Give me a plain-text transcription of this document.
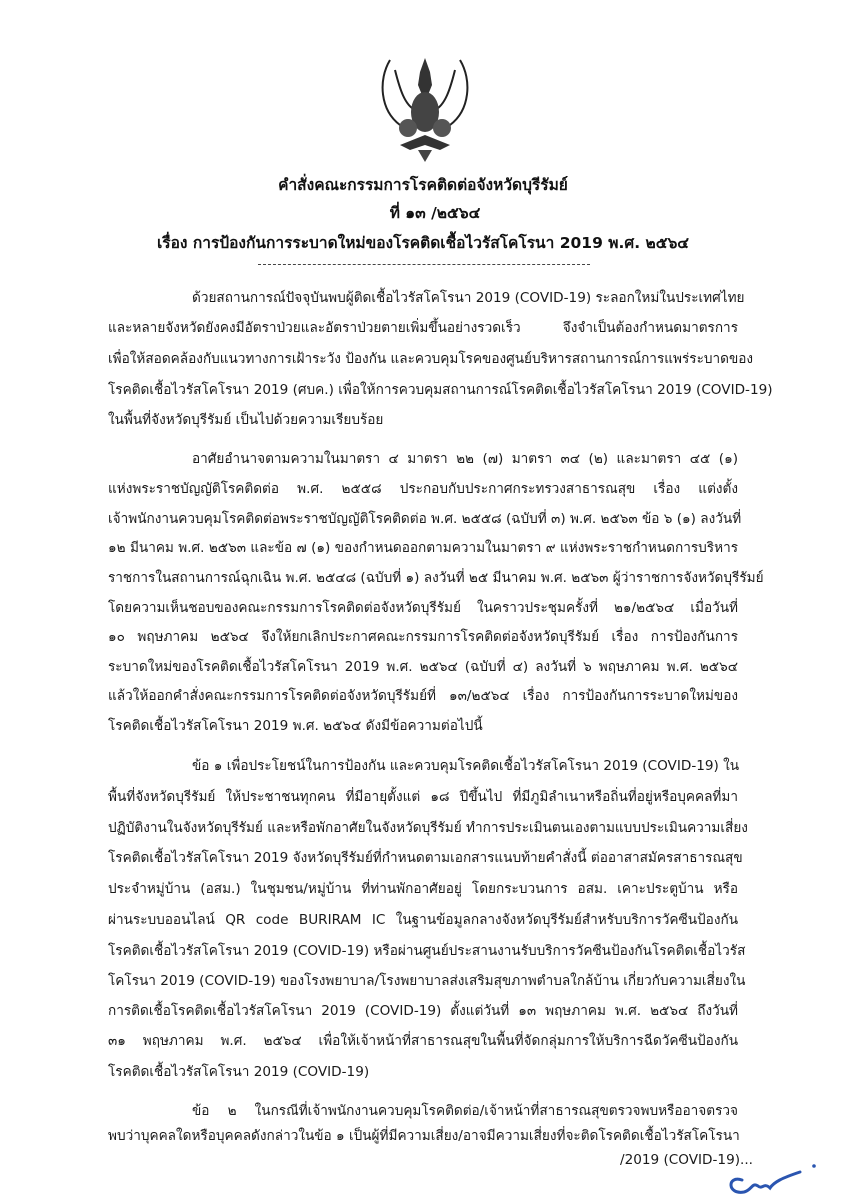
คำสั่งคณะกรรมการโรคติดต่อจังหวัดบุรีรัมย์
ที่ ๑๓ /๒๕๖๔
เรื่อง การป้องกันการระบาดใหม่ของโรคติดเชื้อไวรัสโคโรนา 2019 พ.ศ. ๒๕๖๔
ด้วยสถานการณ์ปัจจุบันพบผู้ติดเชื้อไวรัสโคโรนา 2019 (COVID-19) ระลอกใหม่ในประเทศไทย
และหลายจังหวัดยังคงมีอัตราป่วยและอัตราป่วยตายเพิ่มขึ้นอย่างรวดเร็ว จึงจำเป็นต้องกำหนดมาตรการ
เพื่อให้สอดคล้องกับแนวทางการเฝ้าระวัง ป้องกัน และควบคุมโรคของศูนย์บริหารสถานการณ์การแพร่ระบาดของ
โรคติดเชื้อไวรัสโคโรนา 2019 (ศบค.) เพื่อให้การควบคุมสถานการณ์โรคติดเชื้อไวรัสโคโรนา 2019 (COVID-19)
ในพื้นที่จังหวัดบุรีรัมย์ เป็นไปด้วยความเรียบร้อย
อาศัยอำนาจตามความในมาตรา ๔ มาตรา ๒๒ (๗) มาตรา ๓๔ (๒) และมาตรา ๔๕ (๑)
แห่งพระราชบัญญัติโรคติดต่อ พ.ศ. ๒๕๕๘ ประกอบกับประกาศกระทรวงสาธารณสุข เรื่อง แต่งตั้ง
เจ้าพนักงานควบคุมโรคติดต่อพระราชบัญญัติโรคติดต่อ พ.ศ. ๒๕๕๘ (ฉบับที่ ๓) พ.ศ. ๒๕๖๓ ข้อ ๖ (๑) ลงวันที่
๑๒ มีนาคม พ.ศ. ๒๕๖๓ และข้อ ๗ (๑) ของกำหนดออกตามความในมาตรา ๙ แห่งพระราชกำหนดการบริหาร
ราชการในสถานการณ์ฉุกเฉิน พ.ศ. ๒๕๔๘ (ฉบับที่ ๑) ลงวันที่ ๒๕ มีนาคม พ.ศ. ๒๕๖๓ ผู้ว่าราชการจังหวัดบุรีรัมย์
โดยความเห็นชอบของคณะกรรมการโรคติดต่อจังหวัดบุรีรัมย์ ในคราวประชุมครั้งที่ ๒๑/๒๕๖๔ เมื่อวันที่
๑๐ พฤษภาคม ๒๕๖๔ จึงให้ยกเลิกประกาศคณะกรรมการโรคติดต่อจังหวัดบุรีรัมย์ เรื่อง การป้องกันการ
ระบาดใหม่ของโรคติดเชื้อไวรัสโคโรนา 2019 พ.ศ. ๒๕๖๔ (ฉบับที่ ๔) ลงวันที่ ๖ พฤษภาคม พ.ศ. ๒๕๖๔
แล้วให้ออกคำสั่งคณะกรรมการโรคติดต่อจังหวัดบุรีรัมย์ที่ ๑๓/๒๕๖๔ เรื่อง การป้องกันการระบาดใหม่ของ
โรคติดเชื้อไวรัสโคโรนา 2019 พ.ศ. ๒๕๖๔ ดังมีข้อความต่อไปนี้
ข้อ ๑ เพื่อประโยชน์ในการป้องกัน และควบคุมโรคติดเชื้อไวรัสโคโรนา 2019 (COVID-19) ใน
พื้นที่จังหวัดบุรีรัมย์ ให้ประชาชนทุกคน ที่มีอายุตั้งแต่ ๑๘ ปีขึ้นไป ที่มีภูมิลำเนาหรือถิ่นที่อยู่หรือบุคคลที่มา
ปฏิบัติงานในจังหวัดบุรีรัมย์ และหรือพักอาศัยในจังหวัดบุรีรัมย์ ทำการประเมินตนเองตามแบบประเมินความเสี่ยง
โรคติดเชื้อไวรัสโคโรนา 2019 จังหวัดบุรีรัมย์ที่กำหนดตามเอกสารแนบท้ายคำสั่งนี้ ต่ออาสาสมัครสาธารณสุข
ประจำหมู่บ้าน (อสม.) ในชุมชน/หมู่บ้าน ที่ท่านพักอาศัยอยู่ โดยกระบวนการ อสม. เคาะประตูบ้าน หรือ
ผ่านระบบออนไลน์ QR code BURIRAM IC ในฐานข้อมูลกลางจังหวัดบุรีรัมย์สำหรับบริการวัคซีนป้องกัน
โรคติดเชื้อไวรัสโคโรนา 2019 (COVID-19) หรือผ่านศูนย์ประสานงานรับบริการวัคซีนป้องกันโรคติดเชื้อไวรัส
โคโรนา 2019 (COVID-19) ของโรงพยาบาล/โรงพยาบาลส่งเสริมสุขภาพตำบลใกล้บ้าน เกี่ยวกับความเสี่ยงใน
การติดเชื้อโรคติดเชื้อไวรัสโคโรนา 2019 (COVID-19) ตั้งแต่วันที่ ๑๓ พฤษภาคม พ.ศ. ๒๕๖๔ ถึงวันที่
๓๑ พฤษภาคม พ.ศ. ๒๕๖๔ เพื่อให้เจ้าหน้าที่สาธารณสุขในพื้นที่จัดกลุ่มการให้บริการฉีดวัคซีนป้องกัน
โรคติดเชื้อไวรัสโคโรนา 2019 (COVID-19)
ข้อ ๒ ในกรณีที่เจ้าพนักงานควบคุมโรคติดต่อ/เจ้าหน้าที่สาธารณสุขตรวจพบหรืออาจตรวจ
พบว่าบุคคลใดหรือบุคคลดังกล่าวในข้อ ๑ เป็นผู้ที่มีความเสี่ยง/อาจมีความเสี่ยงที่จะติดโรคติดเชื้อไวรัสโคโรนา
/2019 (COVID-19)...
